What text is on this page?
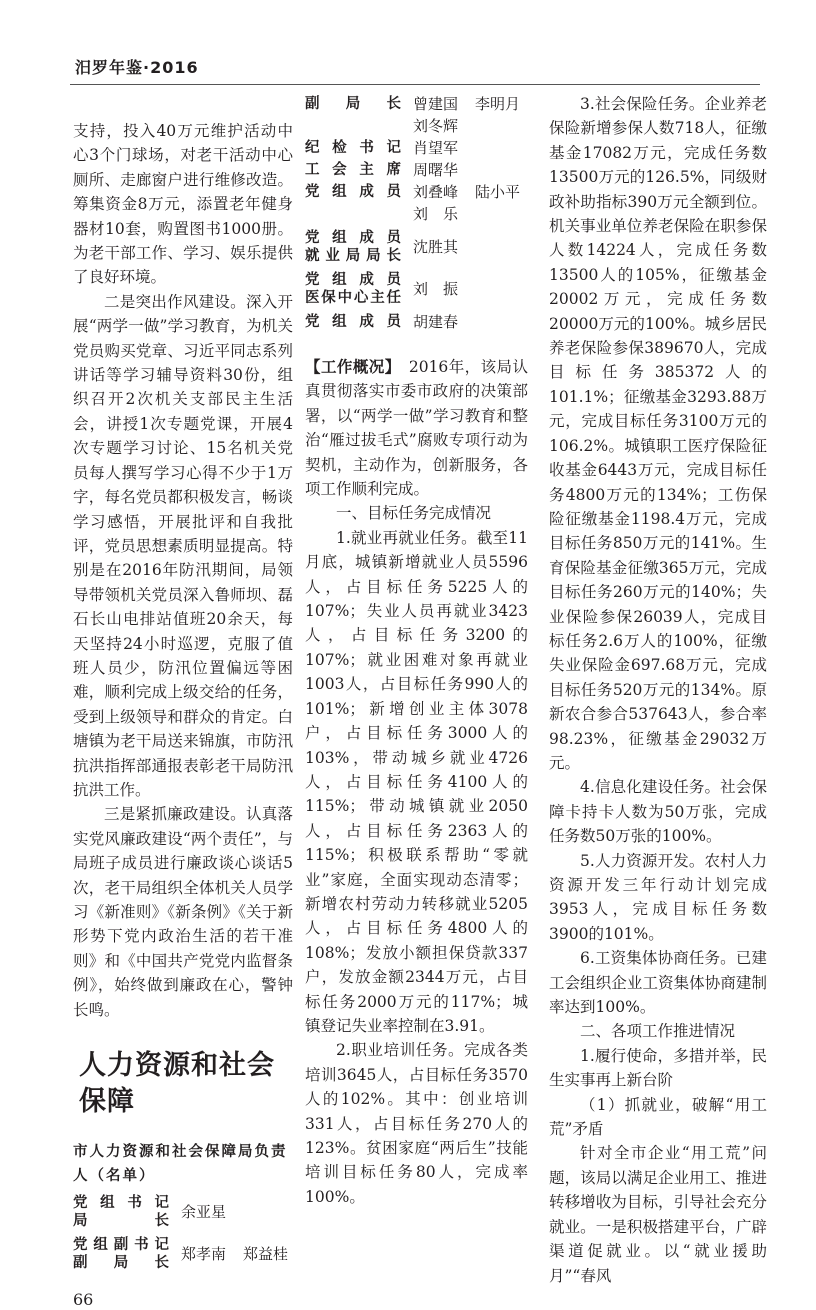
汨罗年鉴·2016

支持，投入40万元维护活动中心3个门球场，对老干活动中心厕所、走廊窗户进行维修改造。筹集资金8万元，添置老年健身器材10套，购置图书1000册。为老干部工作、学习、娱乐提供了良好环境。

二是突出作风建设。深入开展“两学一做”学习教育，为机关党员购买党章、习近平同志系列讲话等学习辅导资料30份，组织召开2次机关支部民主生活会，讲授1次专题党课，开展4次专题学习讨论、15名机关党员每人撰写学习心得不少于1万字，每名党员都积极发言，畅谈学习感悟，开展批评和自我批评，党员思想素质明显提高。特别是在2016年防汛期间，局领导带领机关党员深入鲁师坝、磊石长山电排站值班20余天，每天坚持24小时巡逻，克服了值班人员少，防汛位置偏远等困难，顺利完成上级交给的任务，受到上级领导和群众的肯定。白塘镇为老干局送来锦旗，市防汛抗洪指挥部通报表彰老干局防汛抗洪工作。

三是紧抓廉政建设。认真落实党风廉政建设“两个责任”，与局班子成员进行廉政谈心谈话5次，老干局组织全体机关人员学习《新准则》《新条例》《关于新形势下党内政治生活的若干准则》和《中国共产党党内监督条例》，始终做到廉政在心，警钟长鸣。

人力资源和社会保障
市人力资源和社会保障局负责人（名单）
党组书记
局长 余亚星
党组副书记
副局长 郑孝南 郑益桂
66
副局长 曾建国 李明月
刘冬辉
纪检书记 肖望军
工会主席 周曙华
党组成员 刘叠峰 陆小平
刘　乐
党组成员
就业局局长 沈胜其
党组成员
医保中心主任 刘　振
党组成员 胡建春

【工作概况】　2016年，该局认真贯彻落实市委市政府的决策部署，以“两学一做”学习教育和整治“雁过拔毛式”腐败专项行动为契机，主动作为，创新服务，各项工作顺利完成。

一、目标任务完成情况

1.就业再就业任务。截至11月底，城镇新增就业人员5596人，占目标任务5225人的107%；失业人员再就业3423人，占目标任务3200的107%；就业困难对象再就业1003人，占目标任务990人的101%；新增创业主体3078户，占目标任务3000人的103%，带动城乡就业4726人，占目标任务4100人的115%；带动城镇就业2050人，占目标任务2363人的115%；积极联系帮助“零就业”家庭，全面实现动态清零；新增农村劳动力转移就业5205人，占目标任务4800人的108%；发放小额担保贷款337户，发放金额2344万元，占目标任务2000万元的117%；城镇登记失业率控制在3.91。

2.职业培训任务。完成各类培训3645人，占目标任务3570人的102%。其中：创业培训331人，占目标任务270人的123%。贫困家庭“两后生”技能培训目标任务80人，完成率100%。

3.社会保险任务。企业养老保险新增参保人数718人，征缴基金17082万元，完成任务数13500万元的126.5%，同级财政补助指标390万元全额到位。机关事业单位养老保险在职参保人数14224人，完成任务数13500人的105%，征缴基金20002万元，完成任务数20000万元的100%。城乡居民养老保险参保389670人，完成目标任务385372人的101.1%；征缴基金3293.88万元，完成目标任务3100万元的106.2%。城镇职工医疗保险征收基金6443万元，完成目标任务4800万元的134%；工伤保险征缴基金1198.4万元，完成目标任务850万元的141%。生育保险基金征缴365万元，完成目标任务260万元的140%；失业保险参保26039人，完成目标任务2.6万人的100%，征缴失业保险金697.68万元，完成目标任务520万元的134%。原新农合参合537643人，参合率98.23%，征缴基金29032万元。

4.信息化建设任务。社会保障卡持卡人数为50万张，完成任务数50万张的100%。

5.人力资源开发。农村人力资源开发三年行动计划完成3953人，完成目标任务数3900的101%。

6.工资集体协商任务。已建工会组织企业工资集体协商建制率达到100%。

二、各项工作推进情况

1.履行使命，多措并举，民生实事再上新台阶

（1）抓就业，破解“用工荒”矛盾

针对全市企业“用工荒”问题，该局以满足企业用工、推进转移增收为目标，引导社会充分就业。一是积极搭建平台，广辟渠道促就业。以“就业援助月”“春风
